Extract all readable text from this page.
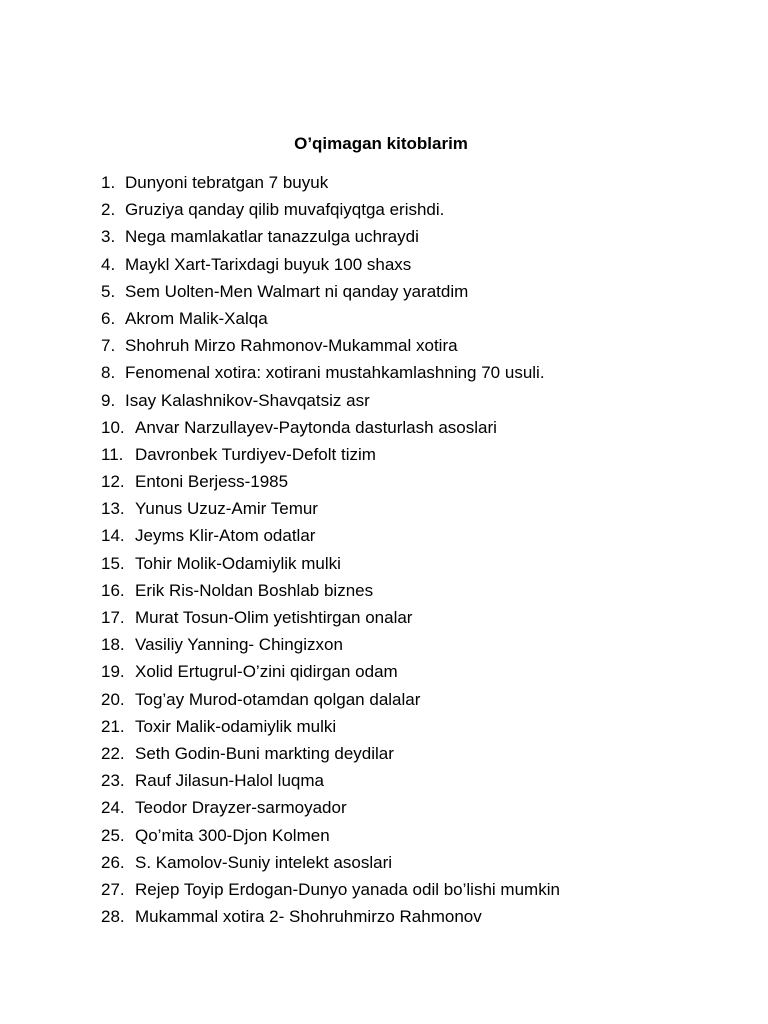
O’qimagan kitoblarim
1. Dunyoni tebratgan 7 buyuk
2. Gruziya qanday qilib muvafqiyqtga erishdi.
3. Nega mamlakatlar tanazzulga uchraydi
4. Maykl Xart-Tarixdagi buyuk 100 shaxs
5. Sem Uolten-Men Walmart ni qanday yaratdim
6. Akrom Malik-Xalqa
7. Shohruh Mirzo Rahmonov-Mukammal xotira
8. Fenomenal xotira: xotirani mustahkamlashning 70 usuli.
9. Isay Kalashnikov-Shavqatsiz asr
10. Anvar Narzullayev-Paytonda dasturlash asoslari
11. Davronbek Turdiyev-Defolt tizim
12. Entoni Berjess-1985
13. Yunus Uzuz-Amir Temur
14. Jeyms Klir-Atom odatlar
15. Tohir Molik-Odamiylik mulki
16. Erik Ris-Noldan Boshlab biznes
17. Murat Tosun-Olim yetishtirgan onalar
18. Vasiliy Yanning- Chingizxon
19. Xolid Ertugrul-O’zini qidirgan odam
20. Tog’ay Murod-otamdan qolgan dalalar
21. Toxir Malik-odamiylik mulki
22. Seth Godin-Buni markting deydilar
23. Rauf Jilasun-Halol luqma
24. Teodor Drayzer-sarmoyador
25. Qo’mita 300-Djon Kolmen
26. S. Kamolov-Suniy intelekt asoslari
27. Rejep Toyip Erdogan-Dunyo yanada odil bo’lishi mumkin
28. Mukammal xotira 2- Shohruhmirzo Rahmonov
